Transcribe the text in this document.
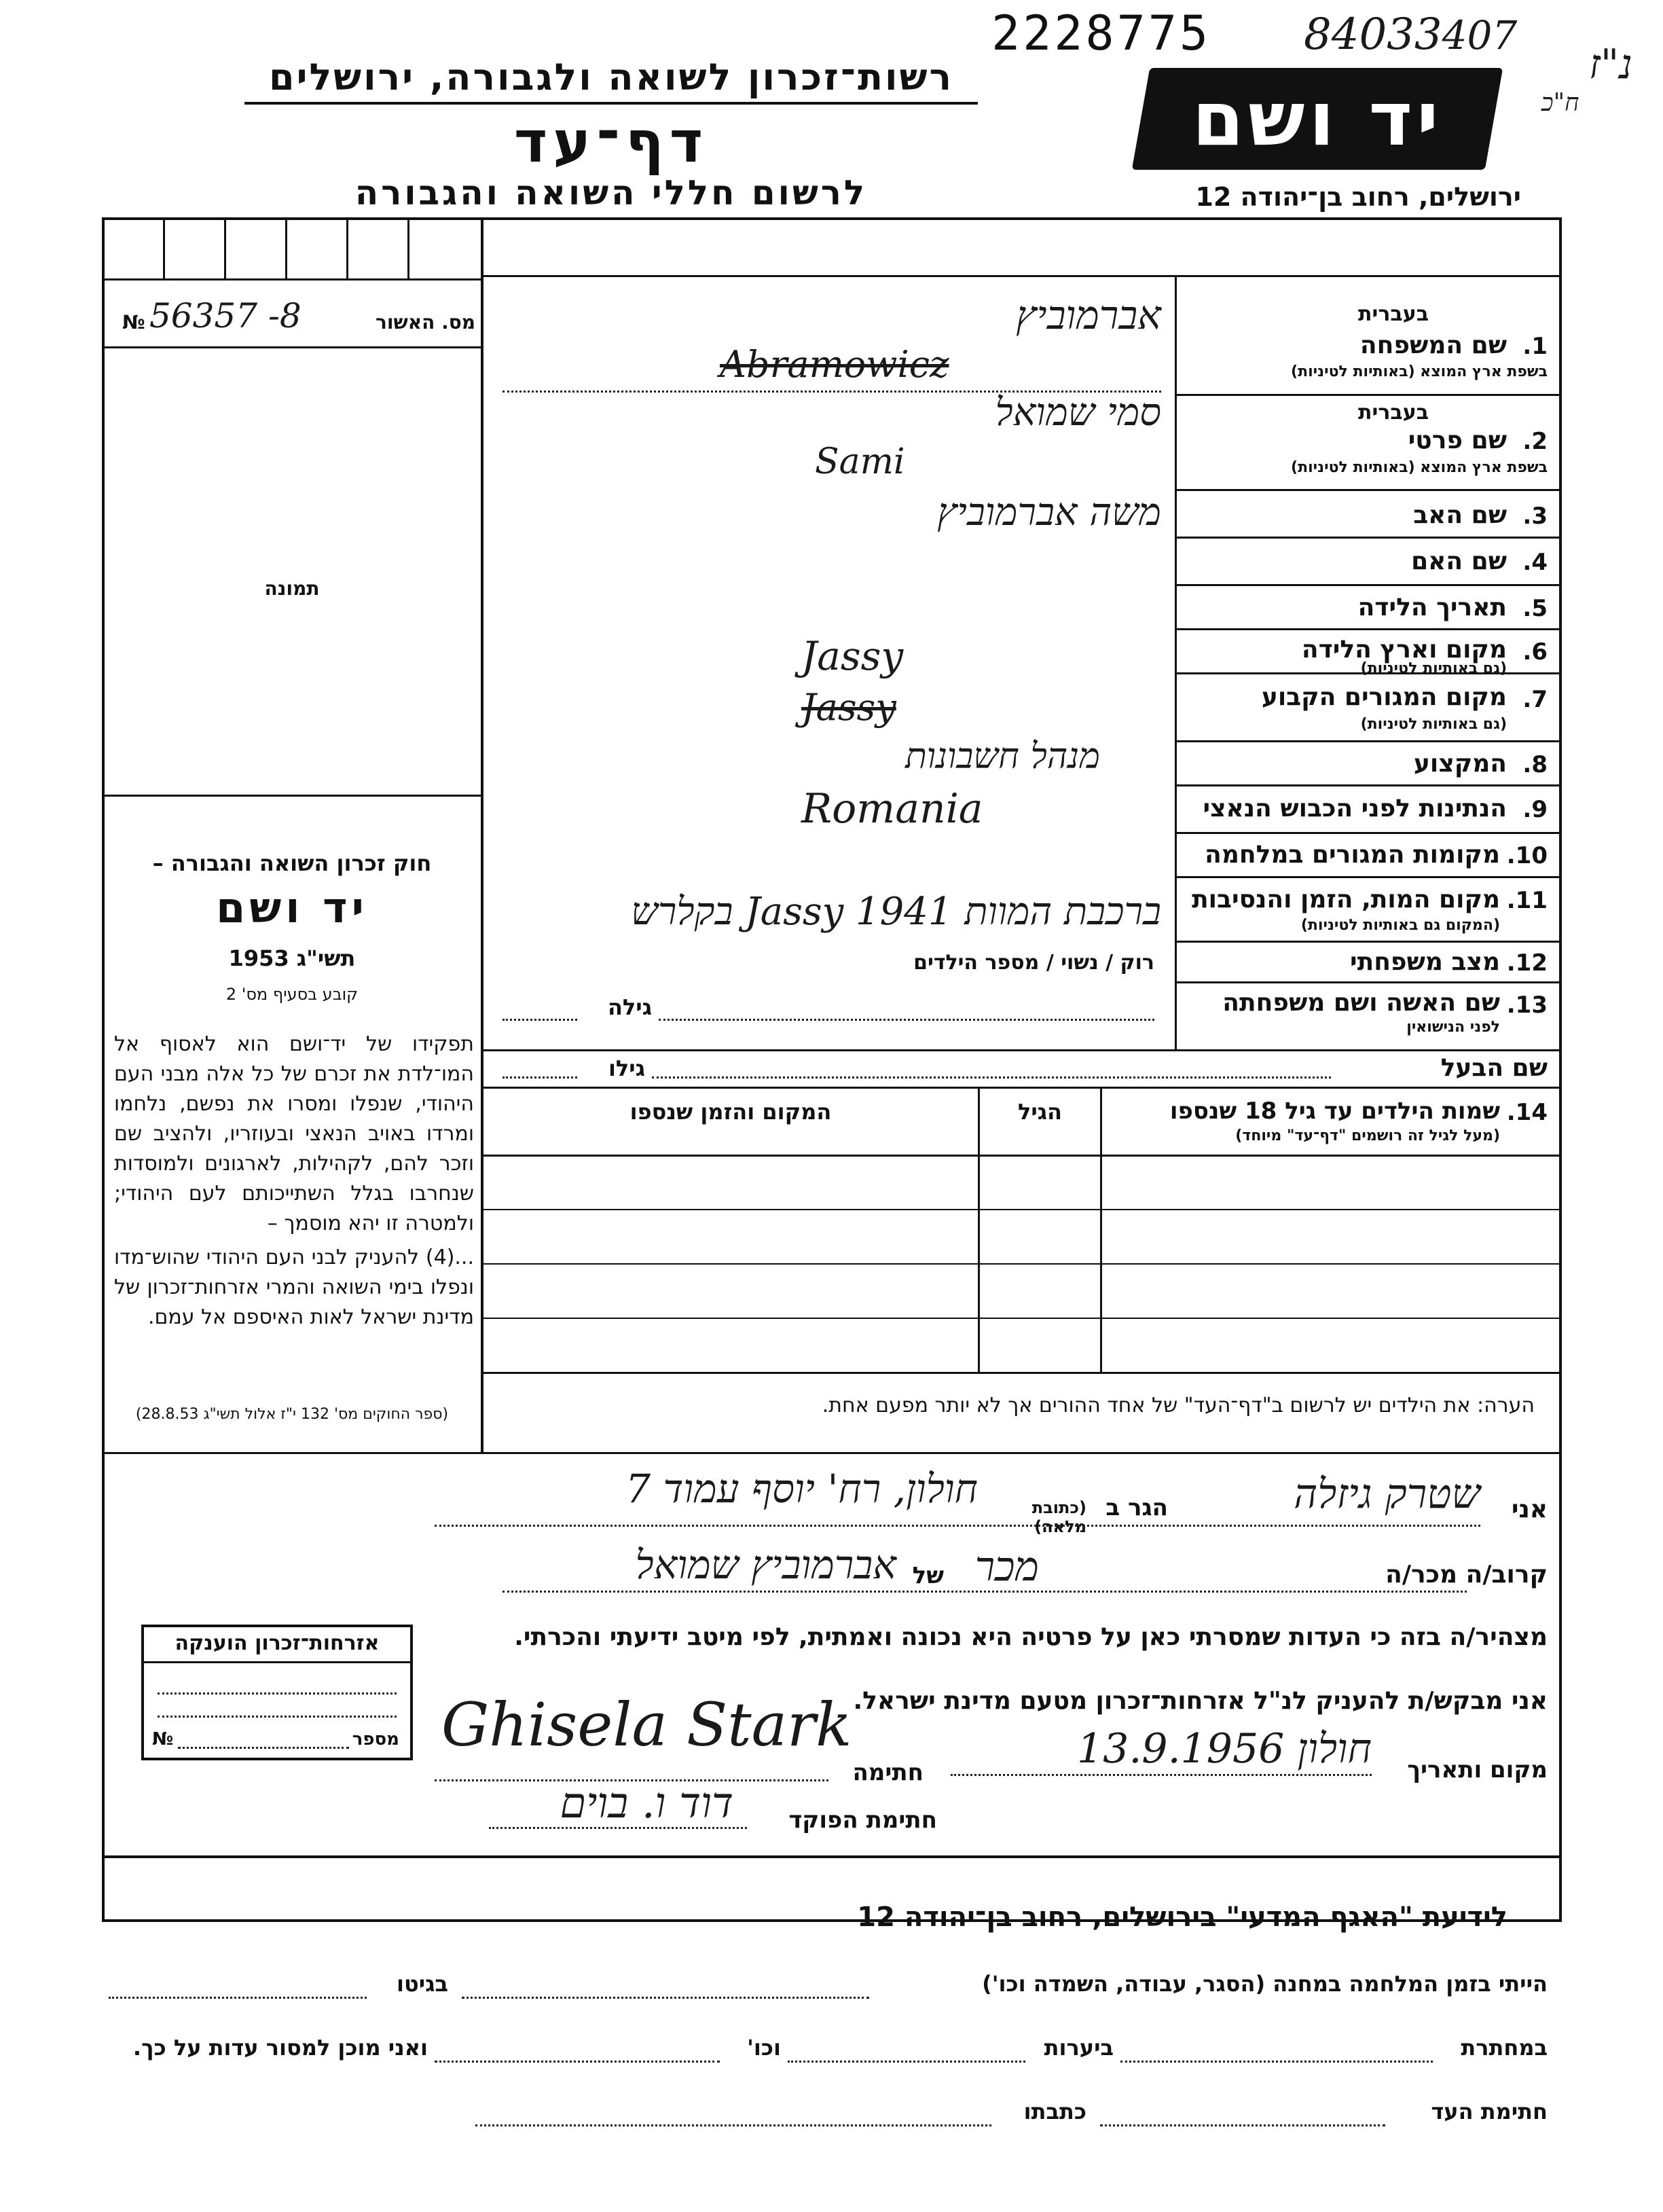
2228775 84033407
נ"ז
ח"כ
רשות־זכרון לשואה ולגבורה, ירושלים
דף־עד
לרשום חללי השואה והגבורה
יד ושם
ירושלים, רחוב בן־יהודה 12
№ 56357 -8	מס. האשור
תמונה
חוק זכרון השואה והגבורה –
יד ושם
תשי"ג 1953
קובע בסעיף מס' 2
תפקידו של יד־ושם הוא לאסוף אל המו־לדת את זכרם של כל אלה מבני העם היהודי, שנפלו ומסרו את נפשם, נלחמו ומרדו באויב הנאצי ובעוזריו, ולהציב שם וזכר להם, לקהילות, לארגונים ולמוסדות שנחרבו בגלל השתייכותם לעם היהודי; ולמטרה זו יהא מוסמך –
...(4) להעניק לבני העם היהודי שהוש־מדו ונפלו בימי השואה והמרי אזרחות־זכרון של מדינת ישראל לאות האיספם אל עמם.
(ספר החוקים מס' 132 י"ז אלול תשי"ג 28.8.53)
בעברית
1.
שם המשפחה
בשפת ארץ המוצא (באותיות לטיניות)
אברמוביץ
Abramowicz
בעברית
2.
שם פרטי
בשפת ארץ המוצא (באותיות לטיניות)
סמי שמואל
Sami
3.
שם האב
משה אברמוביץ
4.
שם האם
5.
תאריך הלידה
6.
מקום וארץ הלידה
(גם באותיות לטיניות)
Jassy
7.
מקום המגורים הקבוע
(גם באותיות לטיניות)
Jassy
8.
המקצוע
מנהל חשבונות
9.
הנתינות לפני הכבוש הנאצי
Romania
10.
מקומות המגורים במלחמה
11.
מקום המות, הזמן והנסיבות
(המקום גם באותיות לטיניות)
ברכבת המוות Jassy 1941 בקלרש
12.
מצב משפחתי
רוק / נשוי / מספר הילדים
13.
שם האשה ושם משפחתה
לפני הנישואין
גילה
שם הבעל
גילו
14.
שמות הילדים עד גיל 18 שנספו
(מעל לגיל זה רושמים "דף־עד" מיוחד)
הגיל
המקום והזמן שנספו
הערה: את הילדים יש לרשום ב"דף־העד" של אחד ההורים אך לא יותר מפעם אחת.
אני
שטרק גיזלה
הגר ב
(כתובת מלאה)
חולון, רח' יוסף עמוד 7
קרוב/ה מכר/ה
מכר
של
אברמוביץ שמואל
מצהיר/ה בזה כי העדות שמסרתי כאן על פרטיה היא נכונה ואמתית, לפי מיטב ידיעתי והכרתי.
אני מבקש/ת להעניק לנ"ל אזרחות־זכרון מטעם מדינת ישראל.
מקום ותאריך
חולון 13.9.1956
חתימה
Ghisela Stark
חתימת הפוקד
דוד ו. בוים
אזרחות־זכרון הוענקה
№	מספר
לידיעת "האגף המדעי" בירושלים, רחוב בן־יהודה 12
הייתי בזמן המלחמה במחנה (הסגר, עבודה, השמדה וכו')
בגיטו
במחתרת
ביערות
וכו'
ואני מוכן למסור עדות על כך.
חתימת העד
כתבתו
